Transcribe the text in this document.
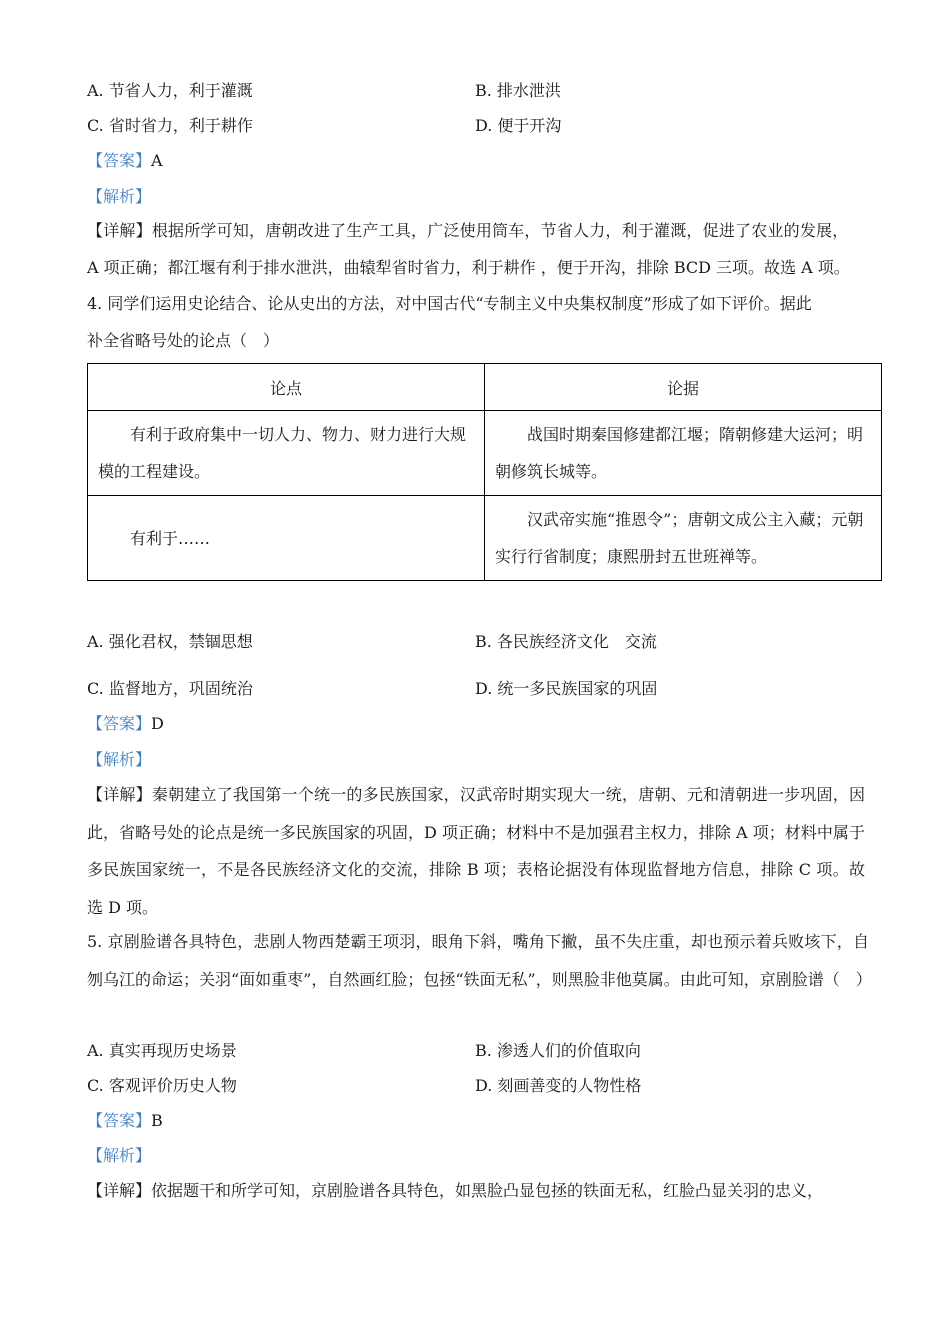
A. 节省人力，利于灌溉	B. 排水泄洪
C. 省时省力，利于耕作	D. 便于开沟
【答案】A
【解析】
【详解】根据所学可知，唐朝改进了生产工具，广泛使用筒车，节省人力，利于灌溉，促进了农业的发展，
A 项正确；都江堰有利于排水泄洪，曲辕犁省时省力，利于耕作 ，便于开沟，排除 BCD 三项。故选 A 项。
4. 同学们运用史论结合、论从史出的方法，对中国古代“专制主义中央集权制度”形成了如下评价。据此
补全省略号处的论点（　）
论点	论据
有利于政府集中一切人力、物力、财力进行大规模的工程建设。	战国时期秦国修建都江堰；隋朝修建大运河；明朝修筑长城等。
有利于……	汉武帝实施“推恩令”；唐朝文成公主入藏；元朝实行行省制度；康熙册封五世班禅等。
A. 强化君权，禁锢思想	B. 各民族经济文化　交流
C. 监督地方，巩固统治	D. 统一多民族国家的巩固
【答案】D
【解析】
【详解】秦朝建立了我国第一个统一的多民族国家，汉武帝时期实现大一统，唐朝、元和清朝进一步巩固，因此，省略号处的论点是统一多民族国家的巩固，D 项正确；材料中不是加强君主权力，排除 A 项；材料中属于多民族国家统一，不是各民族经济文化的交流，排除 B 项；表格论据没有体现监督地方信息，排除 C 项。故选 D 项。
5. 京剧脸谱各具特色，悲剧人物西楚霸王项羽，眼角下斜，嘴角下撇，虽不失庄重，却也预示着兵败垓下，自刎乌江的命运；关羽“面如重枣”，自然画红脸；包拯“铁面无私”，则黑脸非他莫属。由此可知，京剧脸谱（　）
A. 真实再现历史场景	B. 渗透人们的价值取向
C. 客观评价历史人物	D. 刻画善变的人物性格
【答案】B
【解析】
【详解】依据题干和所学可知，京剧脸谱各具特色，如黑脸凸显包拯的铁面无私，红脸凸显关羽的忠义，
